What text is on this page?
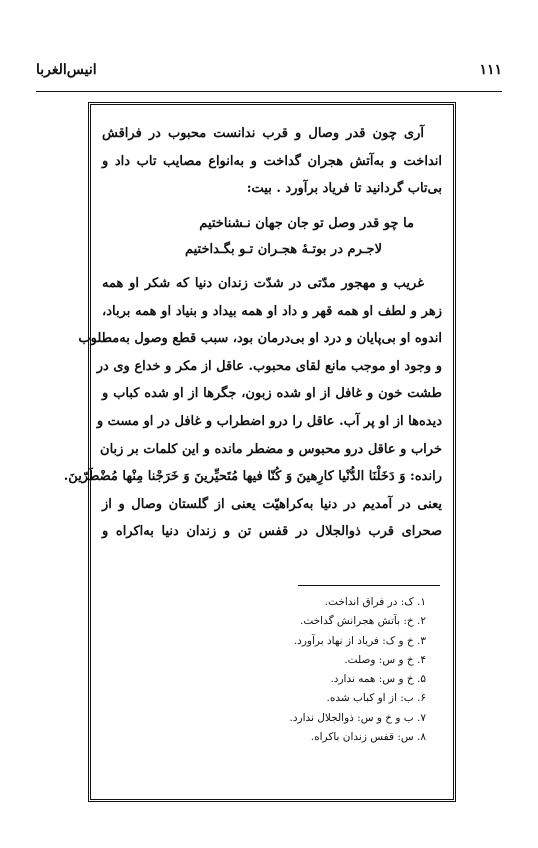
۱۱۱
انیس‌الغربا
آری چون قدر وصال و قرب ندانست محبوب در فراقش
انداخت و به‌آتش هجران گداخت و به‌انواع مصایب تاب داد و
بی‌تاب گردانید تا فریاد برآورد . بیت:
ما چو قدر وصل تو جان جهان نـشناختیم
لاجـرم در بوتـهٔ هجـران تـو بگـداختیم
غریب و مهجور مدّتی در شدّت زندان دنیا که شکر او همه
زهر و لطف او همه قهر و داد او همه بیداد و بنیاد او همه برباد،
اندوه او بی‌پایان و درد او بی‌درمان بود، سبب قطع وصول به‌مطلوب
و وجود او موجب مانع لقای محبوب. عاقل از مکر و خداع وی در
طشت خون و غافل از او شده زبون، جگرها از او شده کباب و
دیده‌ها از او پر آب. عاقل را درو اضطراب و غافل در او مست و
خراب و عاقل درو محبوس و مضطر مانده و این کلمات بر زبان
رانده: وَ دَخَلْنَا الدُّنْیا کارِهینَ وَ کُنّا فیها مُتَحیِّرینَ وَ خَرَجْنا مِنْها مُضْطَرّینَ.
یعنی در آمدیم در دنیا به‌کراهیّت یعنی از گلستان وصال و از
صحرای قرب ذوالجلال در قفس تن و زندان دنیا به‌اکراه و
۱. ک: در فراق انداخت.
۲. خ: بآتش هجرانش گداخت.
۳. خ و ک: فریاد از نهاد برآورد.
۴. خ و س: وصلت.
۵. خ و س: همه ندارد.
۶. ب: از او کباب شده.
۷. ب و خ و س: ذوالجلال ندارد.
۸. س: قفس زندان باکراه.
